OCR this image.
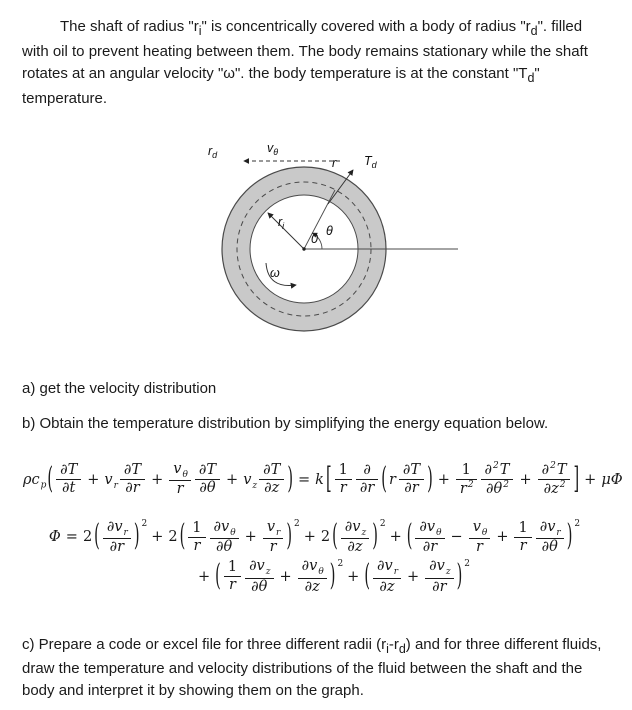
The shaft of radius "$r_i$" is concentrically covered with a body of radius "$r_d$". filled with oil to prevent heating between them. The body remains stationary while the shaft rotates at an angular velocity "ω". the body temperature is at the constant "$T_d$" temperature.

$r_d$	$v_\theta$
r $T_d$
$r_i$	θ
0
ω

a) get the velocity distribution

b) Obtain the temperature distribution by simplifying the energy equation below.

$\rho c_p( \frac{\partial T}{\partial t} + v_r \frac{\partial T}{\partial r} + \frac{v_\theta}{r} \frac{\partial T}{\partial\theta} + v_z \frac{\partial T}{\partial z}$ ) = k [ $\frac{1}{r} \frac{\partial}{\partial r}$ ( r $\frac{\partial T}{\partial r}$ ) + $\frac{1}{r^2} \frac{\partial^2T}{\partial\theta^2} + \frac{\partial^2T}{\partial z^2}$ ] + μΦ
Φ = 2 ( $\frac{\partial v_r}{\partial r}$ ) $^2$+ 2 ( $\frac{1}{r} \frac{\partial v_\theta}{\partial\theta} + \frac{v_r}{r}$ ) $^2$+ 2 ( $\frac{\partial v_z}{\partial z}$ ) $^2$+ ( $\frac{\partial v_\theta}{\partial r} - \frac{v_\theta}{r} + \frac{1}{r} \frac{\partial v_r}{\partial\theta}$ ) $^2$
+ ( $\frac{1}{r} \frac{\partial v_z}{\partial\theta} + \frac{\partial v_\theta}{\partial z}$ ) $^2$+ ( $\frac{\partial v_r}{\partial z} + \frac{\partial v_z}{\partial r}$ ) $^2$

c) Prepare a code or excel file for three different radii $(r_i-r_d)$ and for three different fluids, draw the temperature and velocity distributions of the fluid between the shaft and the body and interpret it by showing them on the graph.
